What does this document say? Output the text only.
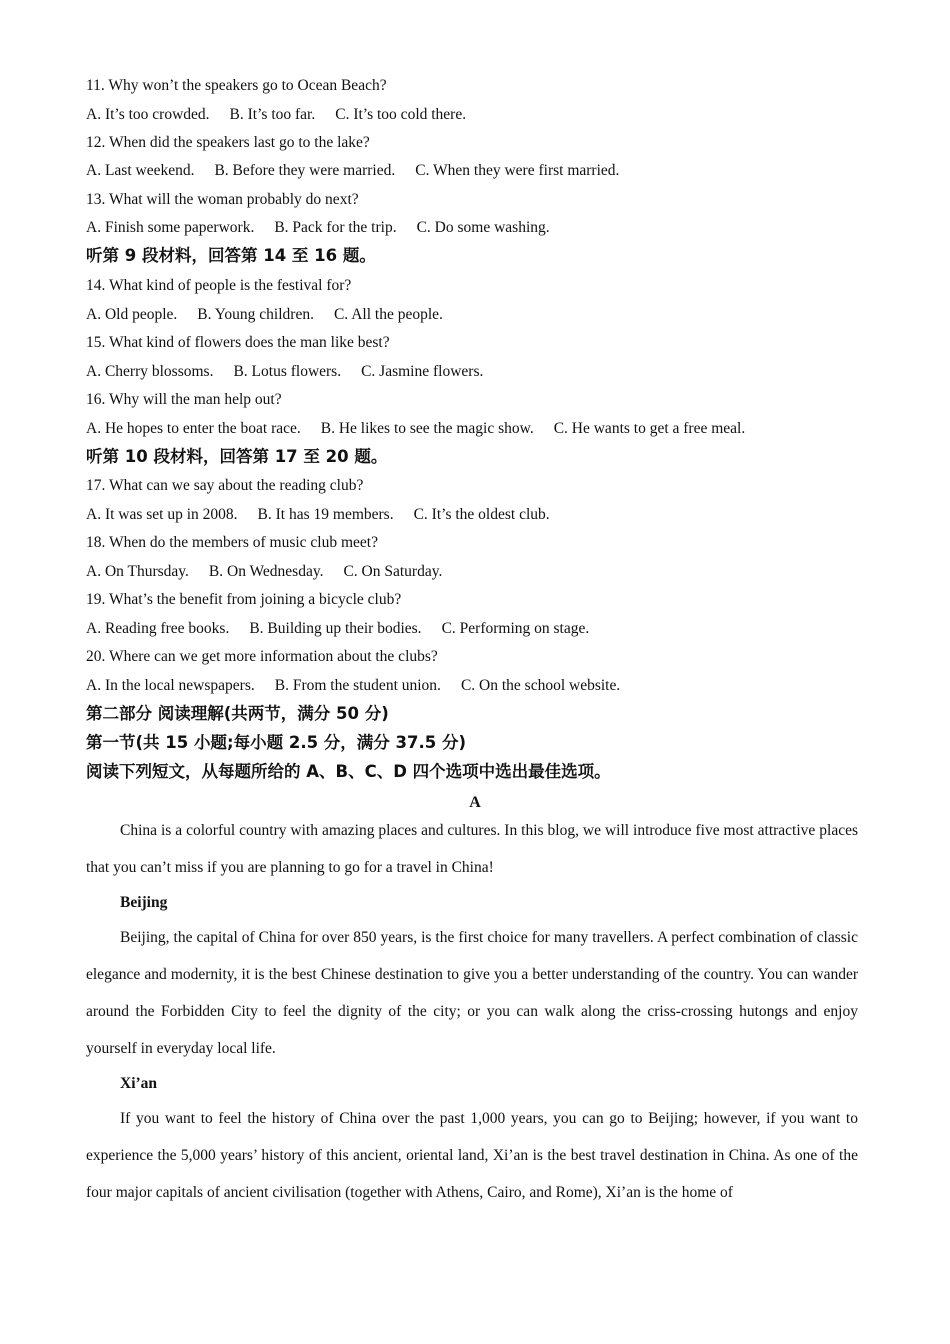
11. Why won’t the speakers go to Ocean Beach?
A. It’s too crowded. B. It’s too far. C. It’s too cold there.
12. When did the speakers last go to the lake?
A. Last weekend. B. Before they were married. C. When they were first married.
13. What will the woman probably do next?
A. Finish some paperwork. B. Pack for the trip. C. Do some washing.
听第 9 段材料，回答第 14 至 16 题。
14. What kind of people is the festival for?
A. Old people. B. Young children. C. All the people.
15. What kind of flowers does the man like best?
A. Cherry blossoms. B. Lotus flowers. C. Jasmine flowers.
16. Why will the man help out?
A. He hopes to enter the boat race. B. He likes to see the magic show. C. He wants to get a free meal.
听第 10 段材料，回答第 17 至 20 题。
17. What can we say about the reading club?
A. It was set up in 2008. B. It has 19 members. C. It’s the oldest club.
18. When do the members of music club meet?
A. On Thursday. B. On Wednesday. C. On Saturday.
19. What’s the benefit from joining a bicycle club?
A. Reading free books. B. Building up their bodies. C. Performing on stage.
20. Where can we get more information about the clubs?
A. In the local newspapers. B. From the student union. C. On the school website.
第二部分 阅读理解(共两节，满分 50 分)
第一节(共 15 小题;每小题 2.5 分，满分 37.5 分)
阅读下列短文，从每题所给的 A、B、C、D 四个选项中选出最佳选项。
A

China is a colorful country with amazing places and cultures. In this blog, we will introduce five most attractive places that you can’t miss if you are planning to go for a travel in China!

Beijing

Beijing, the capital of China for over 850 years, is the first choice for many travellers. A perfect combination of classic elegance and modernity, it is the best Chinese destination to give you a better understanding of the country. You can wander around the Forbidden City to feel the dignity of the city; or you can walk along the criss-crossing hutongs and enjoy yourself in everyday local life.

Xi’an

If you want to feel the history of China over the past 1,000 years, you can go to Beijing; however, if you want to experience the 5,000 years’ history of this ancient, oriental land, Xi’an is the best travel destination in China. As one of the four major capitals of ancient civilisation (together with Athens, Cairo, and Rome), Xi’an is the home of
